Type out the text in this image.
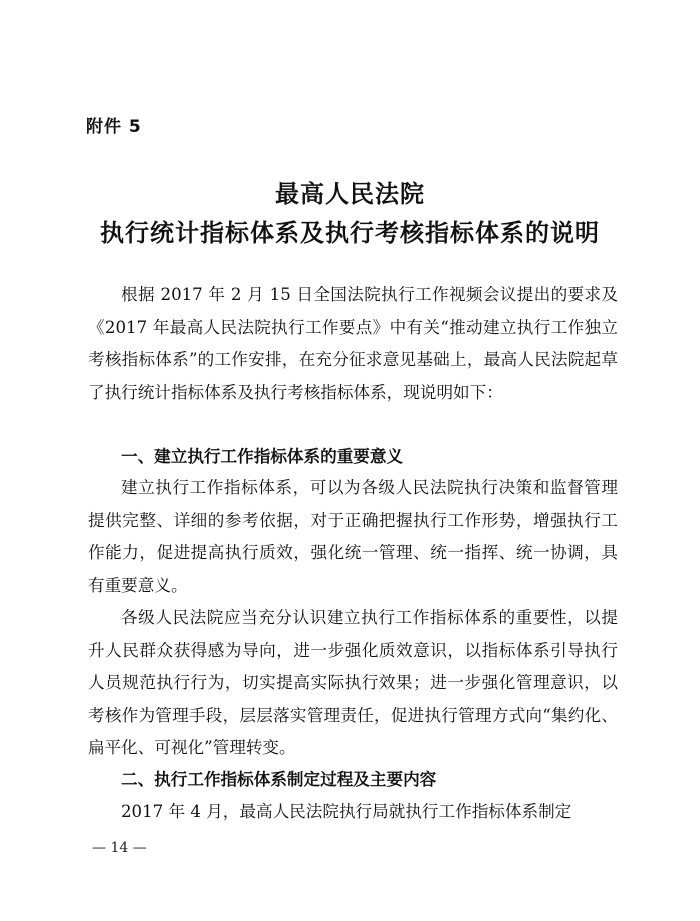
附件 5
最高人民法院
执行统计指标体系及执行考核指标体系的说明

根据 2017 年 2 月 15 日全国法院执行工作视频会议提出的要求及《2017 年最高人民法院执行工作要点》中有关“推动建立执行工作独立考核指标体系”的工作安排，在充分征求意见基础上，最高人民法院起草了执行统计指标体系及执行考核指标体系，现说明如下：

一、建立执行工作指标体系的重要意义

建立执行工作指标体系，可以为各级人民法院执行决策和监督管理提供完整、详细的参考依据，对于正确把握执行工作形势，增强执行工作能力，促进提高执行质效，强化统一管理、统一指挥、统一协调，具有重要意义。

各级人民法院应当充分认识建立执行工作指标体系的重要性，以提升人民群众获得感为导向，进一步强化质效意识，以指标体系引导执行人员规范执行行为，切实提高实际执行效果；进一步强化管理意识，以考核作为管理手段，层层落实管理责任，促进执行管理方式向“集约化、扁平化、可视化”管理转变。

二、执行工作指标体系制定过程及主要内容

2017 年 4 月，最高人民法院执行局就执行工作指标体系制定

— 14 —
